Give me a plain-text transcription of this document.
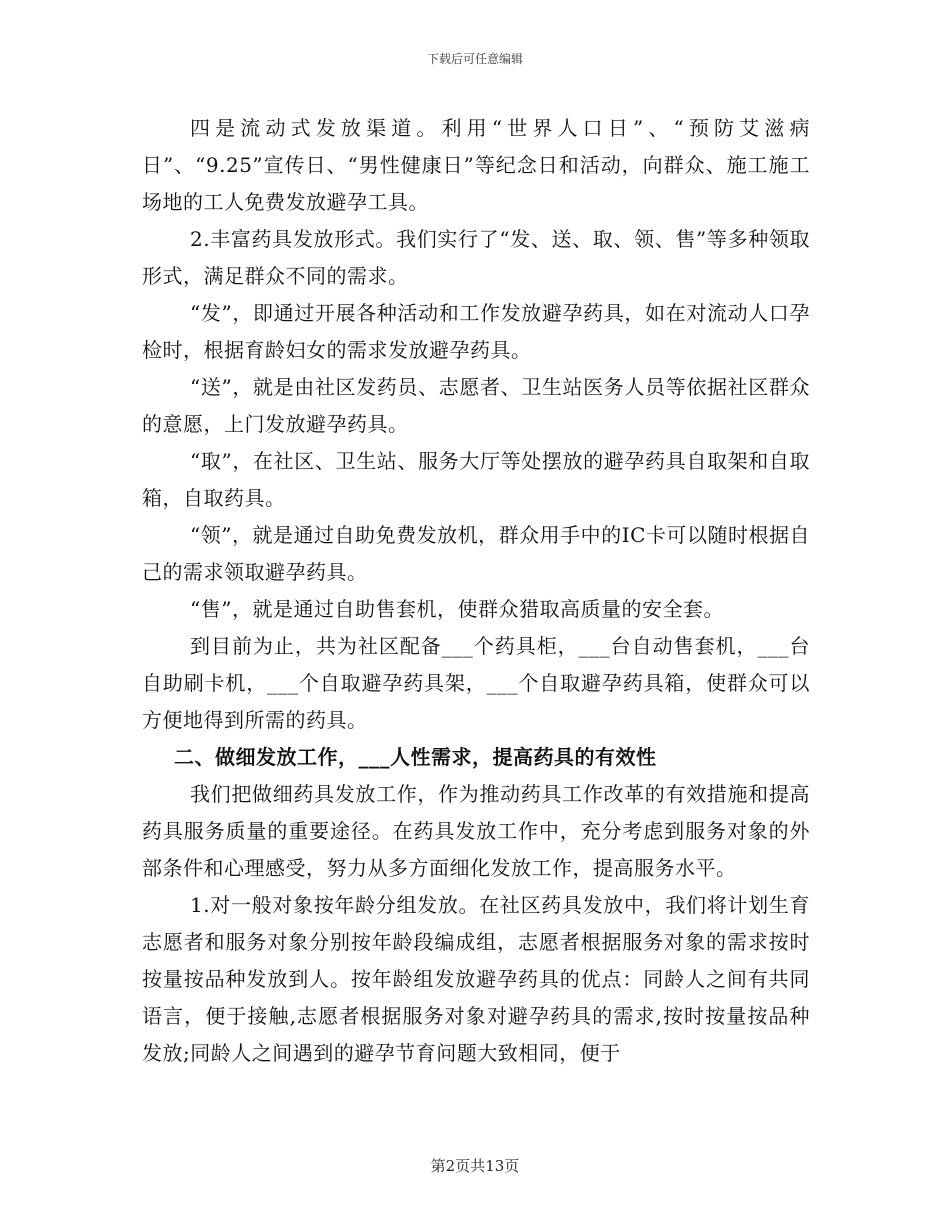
下载后可任意编辑

四是流动式发放渠道。利用“世界人口日”、“预防艾滋病日”、“9.25”宣传日、“男性健康日”等纪念日和活动，向群众、施工施工场地的工人免费发放避孕工具。

2.丰富药具发放形式。我们实行了“发、送、取、领、售”等多种领取形式，满足群众不同的需求。

“发”，即通过开展各种活动和工作发放避孕药具，如在对流动人口孕检时，根据育龄妇女的需求发放避孕药具。

“送”，就是由社区发药员、志愿者、卫生站医务人员等依据社区群众的意愿，上门发放避孕药具。

“取”，在社区、卫生站、服务大厅等处摆放的避孕药具自取架和自取箱，自取药具。

“领”，就是通过自助免费发放机，群众用手中的IC卡可以随时根据自己的需求领取避孕药具。

“售”，就是通过自助售套机，使群众猎取高质量的安全套。

到目前为止，共为社区配备___个药具柜，___台自动售套机，___台自助刷卡机，___个自取避孕药具架，___个自取避孕药具箱，使群众可以方便地得到所需的药具。

二、做细发放工作，___人性需求，提高药具的有效性

我们把做细药具发放工作，作为推动药具工作改革的有效措施和提高药具服务质量的重要途径。在药具发放工作中，充分考虑到服务对象的外部条件和心理感受，努力从多方面细化发放工作，提高服务水平。

1.对一般对象按年龄分组发放。在社区药具发放中，我们将计划生育志愿者和服务对象分别按年龄段编成组，志愿者根据服务对象的需求按时按量按品种发放到人。按年龄组发放避孕药具的优点：同龄人之间有共同语言，便于接触,志愿者根据服务对象对避孕药具的需求,按时按量按品种发放;同龄人之间遇到的避孕节育问题大致相同，便于

第2页共13页
